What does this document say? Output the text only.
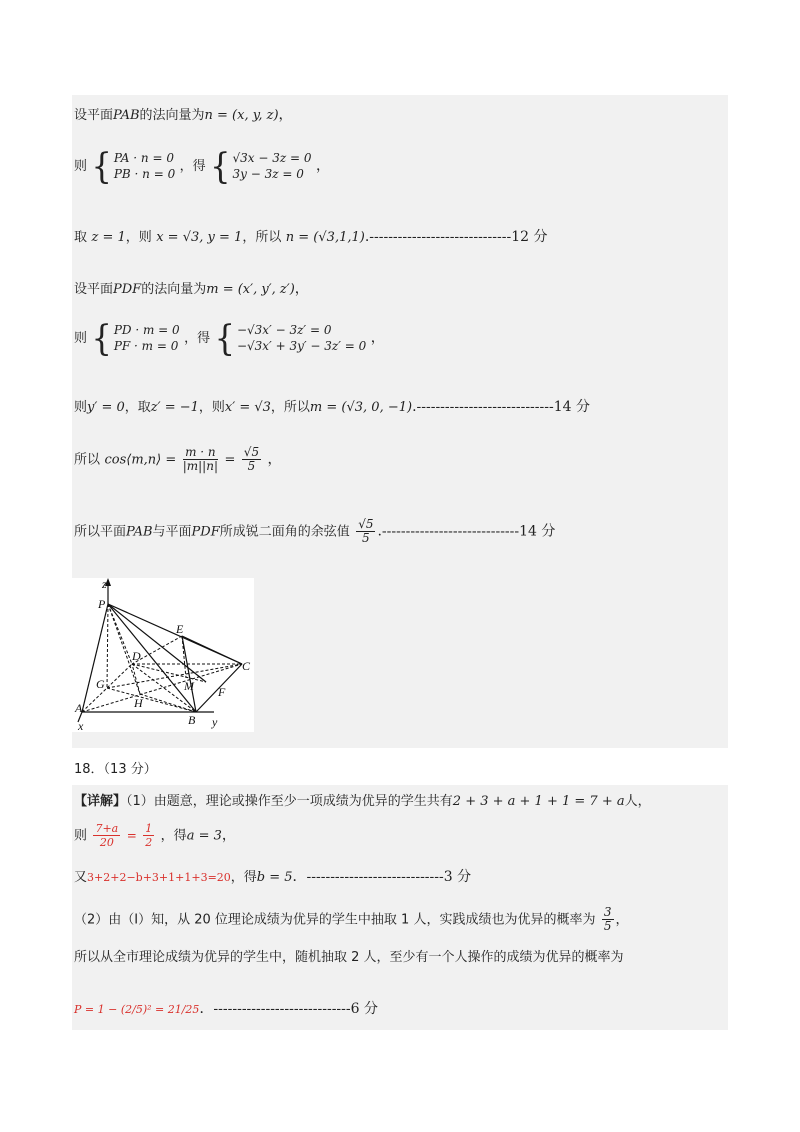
设平面PAB的法向量为n = (x, y, z)，
则 { PA · n = 0
PB · n = 0 ，得 { √3x − 3z = 0
3y − 3z = 0 ，
取 z = 1，则 x = √3, y = 1，所以 n = (√3,1,1).------------------------------12 分
设平面PDF的法向量为m = (x′, y′, z′)，
则 { PD · m = 0
PF · m = 0 ，得 { −√3x′ − 3z′ = 0
−√3x′ + 3y′ − 3z′ = 0 ，
则y′ = 0，取z′ = −1，则x′ = √3，所以m = (√3, 0, −1).-----------------------------14 分
所以 cos⟨m,n⟩ = $\frac{m \cdot n}{|m||n|} = \frac{√5}{5}$ ，
所以平面PAB与平面PDF所成锐二面角的余弦值 $\frac{√5}{5} .-----------------------------14$ 分
z
P
E
D
C
G	M F
A	H
B
x	y
18．（13 分）
【详解】（1）由题意，理论或操作至少一项成绩为优异的学生共有2 + 3 + a + 1 + 1 = 7 + a人，
则 $\frac{7+a}{20} = \frac{1}{2}$ ，得a = 3，
又3+2+2−b+3+1+1+3=20，得b = 5．-----------------------------3 分
（2）由（Ⅰ）知，从 20 位理论成绩为优异的学生中抽取 1 人，实践成绩也为优异的概率为 $\frac{3}{5}$ ，
所以从全市理论成绩为优异的学生中，随机抽取 2 人，至少有一个人操作的成绩为优异的概率为
P = 1 − (2/5)² = 21/25．-----------------------------6 分
